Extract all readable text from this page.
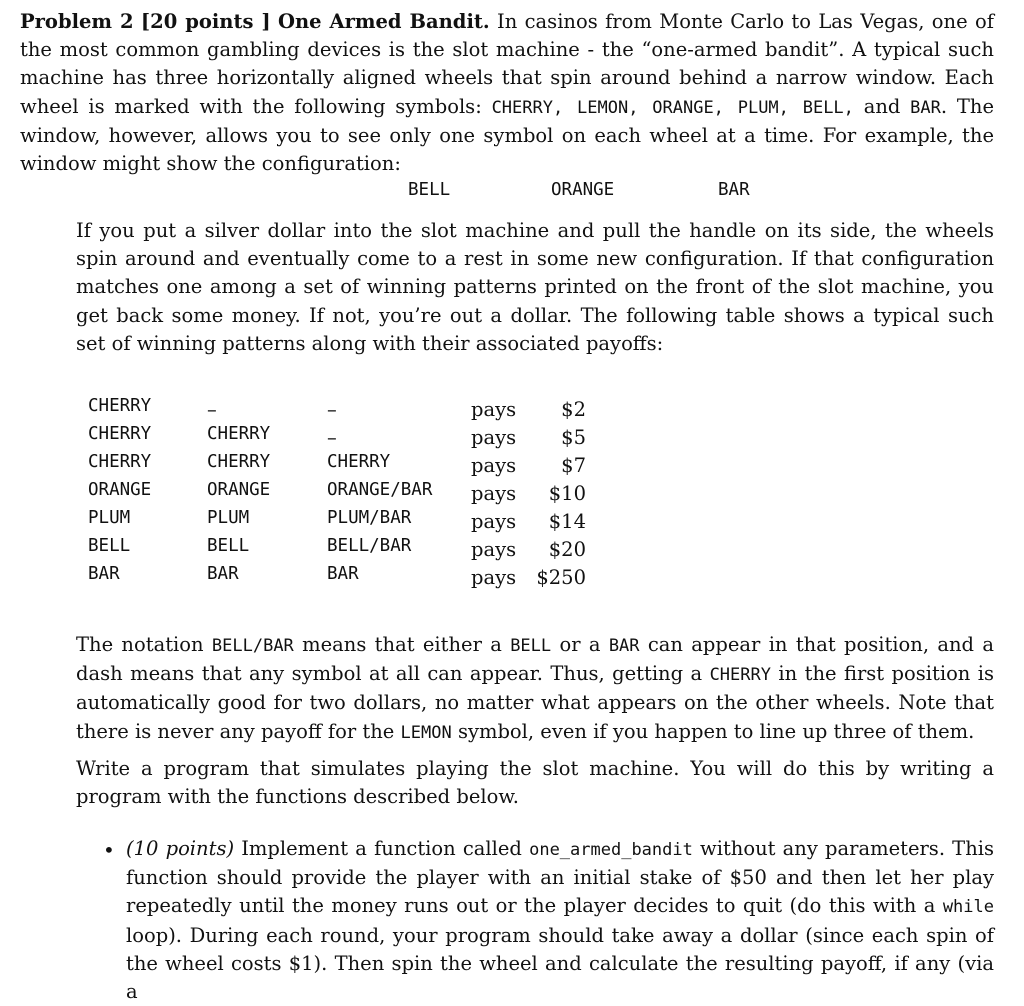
Problem 2 [20 points ] One Armed Bandit. In casinos from Monte Carlo to Las Vegas, one of the most common gambling devices is the slot machine - the “one-armed bandit”. A typical such machine has three horizontally aligned wheels that spin around behind a narrow window. Each wheel is marked with the following symbols: CHERRY, LEMON, ORANGE, PLUM, BELL, and BAR. The window, however, allows you to see only one symbol on each wheel at a time. For example, the window might show the configuration:

BELL	ORANGE	BAR

If you put a silver dollar into the slot machine and pull the handle on its side, the wheels spin around and eventually come to a rest in some new configuration. If that configuration matches one among a set of winning patterns printed on the front of the slot machine, you get back some money. If not, you’re out a dollar. The following table shows a typical such set of winning patterns along with their associated payoffs:

CHERRY	–	–	pays $2
CHERRY	CHERRY	–	pays $5
CHERRY	CHERRY	CHERRY	pays $7
ORANGE	ORANGE	ORANGE/BAR pays $10
PLUM	PLUM	PLUM/BAR	pays $14
BELL	BELL	BELL/BAR	pays $20
BAR	BAR	BAR	pays $250

The notation BELL/BAR means that either a BELL or a BAR can appear in that position, and a dash means that any symbol at all can appear. Thus, getting a CHERRY in the first position is automatically good for two dollars, no matter what appears on the other wheels. Note that there is never any payoff for the LEMON symbol, even if you happen to line up three of them.

Write a program that simulates playing the slot machine. You will do this by writing a program with the functions described below.

• (10 points) Implement a function called one_armed_bandit without any parameters. This function should provide the player with an initial stake of $50 and then let her play repeatedly until the money runs out or the player decides to quit (do this with a while loop). During each round, your program should take away a dollar (since each spin of the wheel costs $1). Then spin the wheel and calculate the resulting payoff, if any (via a
